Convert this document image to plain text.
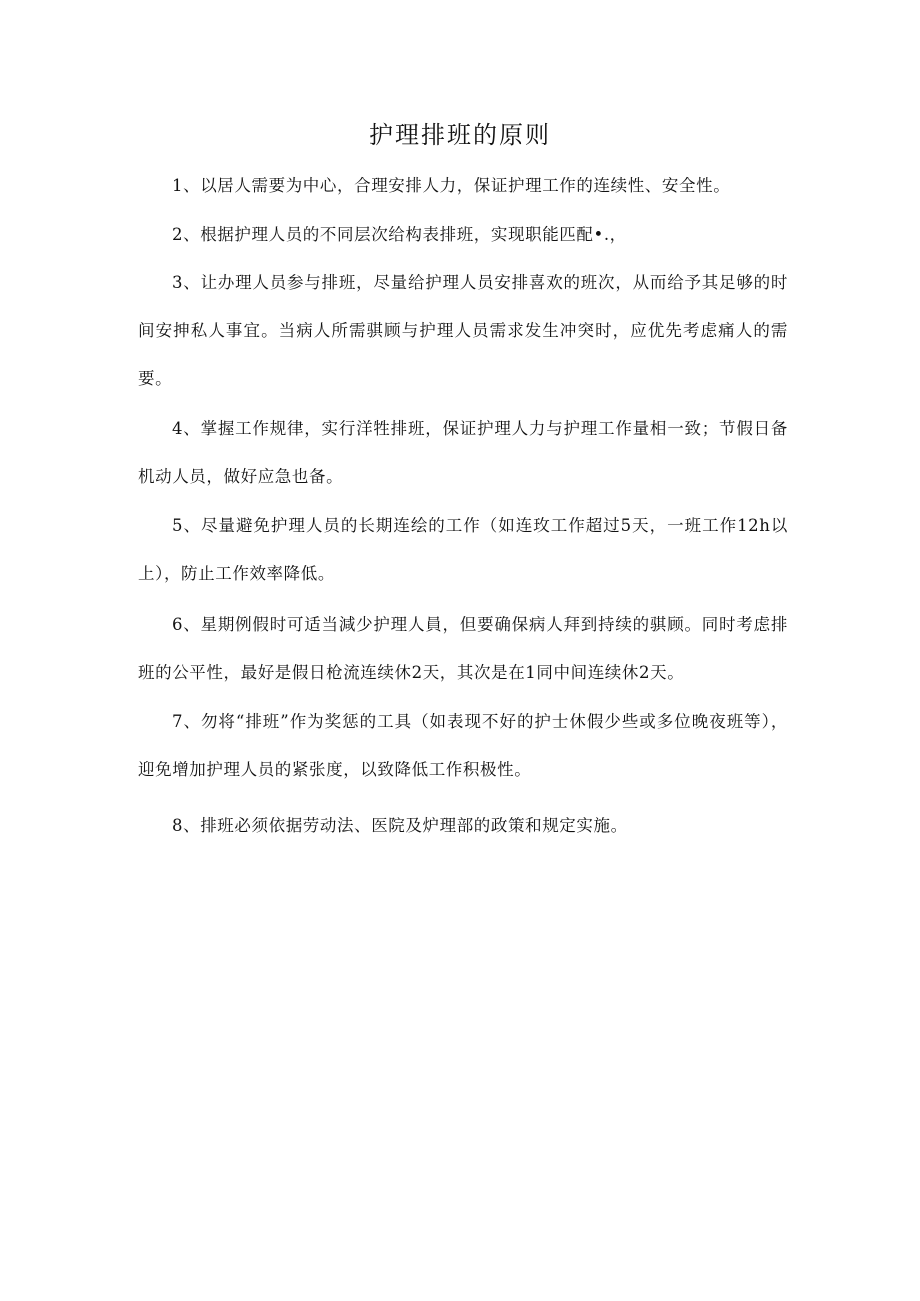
护理排班的原则

1、以居人需要为中心，合理安排人力，保证护理工作的连续性、安全性。

2、根据护理人员的不同层次给构表排班，实现职能匹配•.，

3、让办理人员参与排班，尽量给护理人员安排喜欢的班次，从而给予其足够的时间安抻私人事宜。当病人所需骐顾与护理人员需求发生冲突时，应优先考虑痛人的需要。

4、掌握工作规律，实行洋牲排班，保证护理人力与护理工作量相一致；节假日备机动人员，做好应急也备。

5、尽量避免护理人员的长期连绘的工作（如连玫工作超过5天，一班工作12h以上），防止工作效率降低。

6、星期例假时可适当減少护理人員，但要确保病人拜到持续的骐顾。同时考虑排班的公平性，最好是假日枪流连续休2天，其次是在1同中间连续休2天。

7、勿将“排班”作为奖惩的工具（如表现不好的护士休假少些或多位晚夜班等），迎免增加护理人员的紧张度，以致降低工作积极性。

8、排班必须依据劳动法、医院及炉理部的政策和规定实施。
